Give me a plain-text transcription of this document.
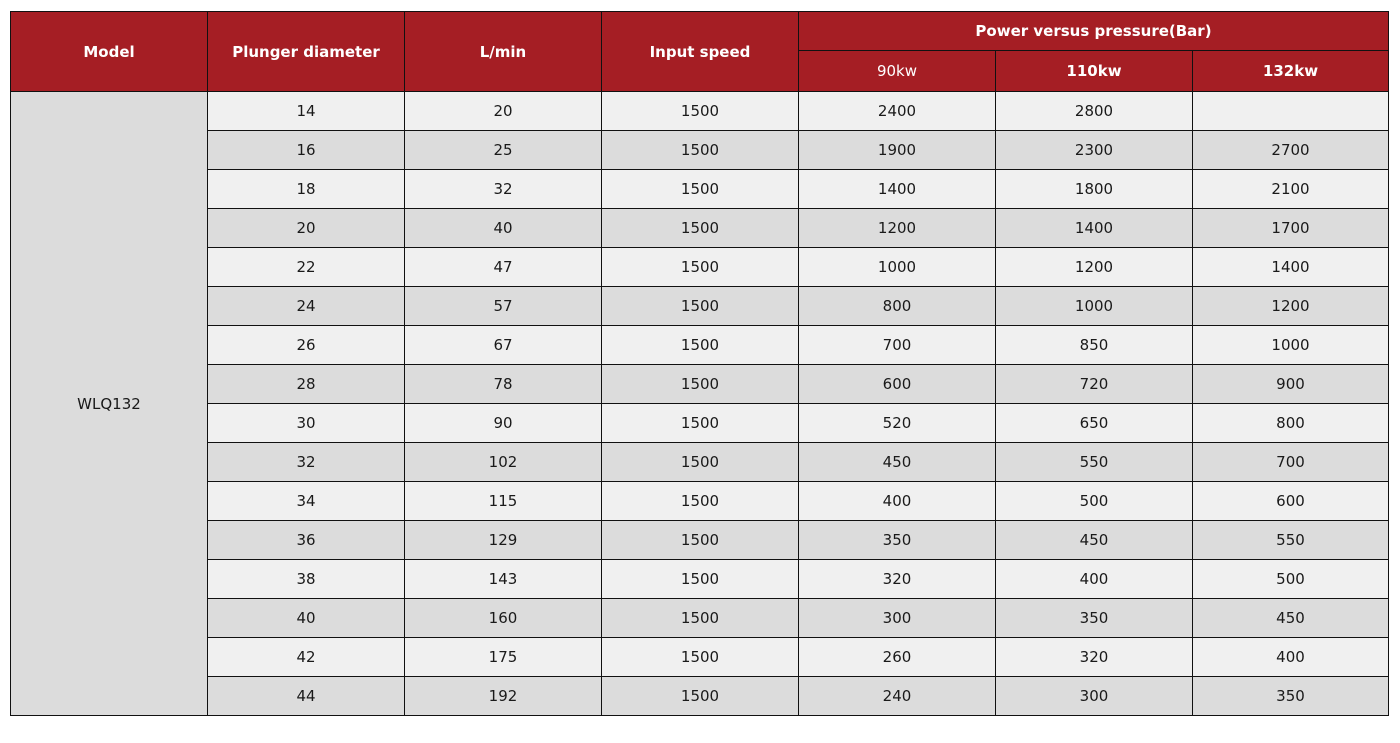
Model	Plunger diameter	L/min	Input speed	Power versus pressure(Bar)		
				90kw	110kw	132kw
WLQ132	14	20	1500	2400	2800	
	16	25	1500	1900	2300	2700
	18	32	1500	1400	1800	2100
	20	40	1500	1200	1400	1700
	22	47	1500	1000	1200	1400
	24	57	1500	800	1000	1200
	26	67	1500	700	850	1000
	28	78	1500	600	720	900
	30	90	1500	520	650	800
	32	102	1500	450	550	700
	34	115	1500	400	500	600
	36	129	1500	350	450	550
	38	143	1500	320	400	500
	40	160	1500	300	350	450
	42	175	1500	260	320	400
	44	192	1500	240	300	350
